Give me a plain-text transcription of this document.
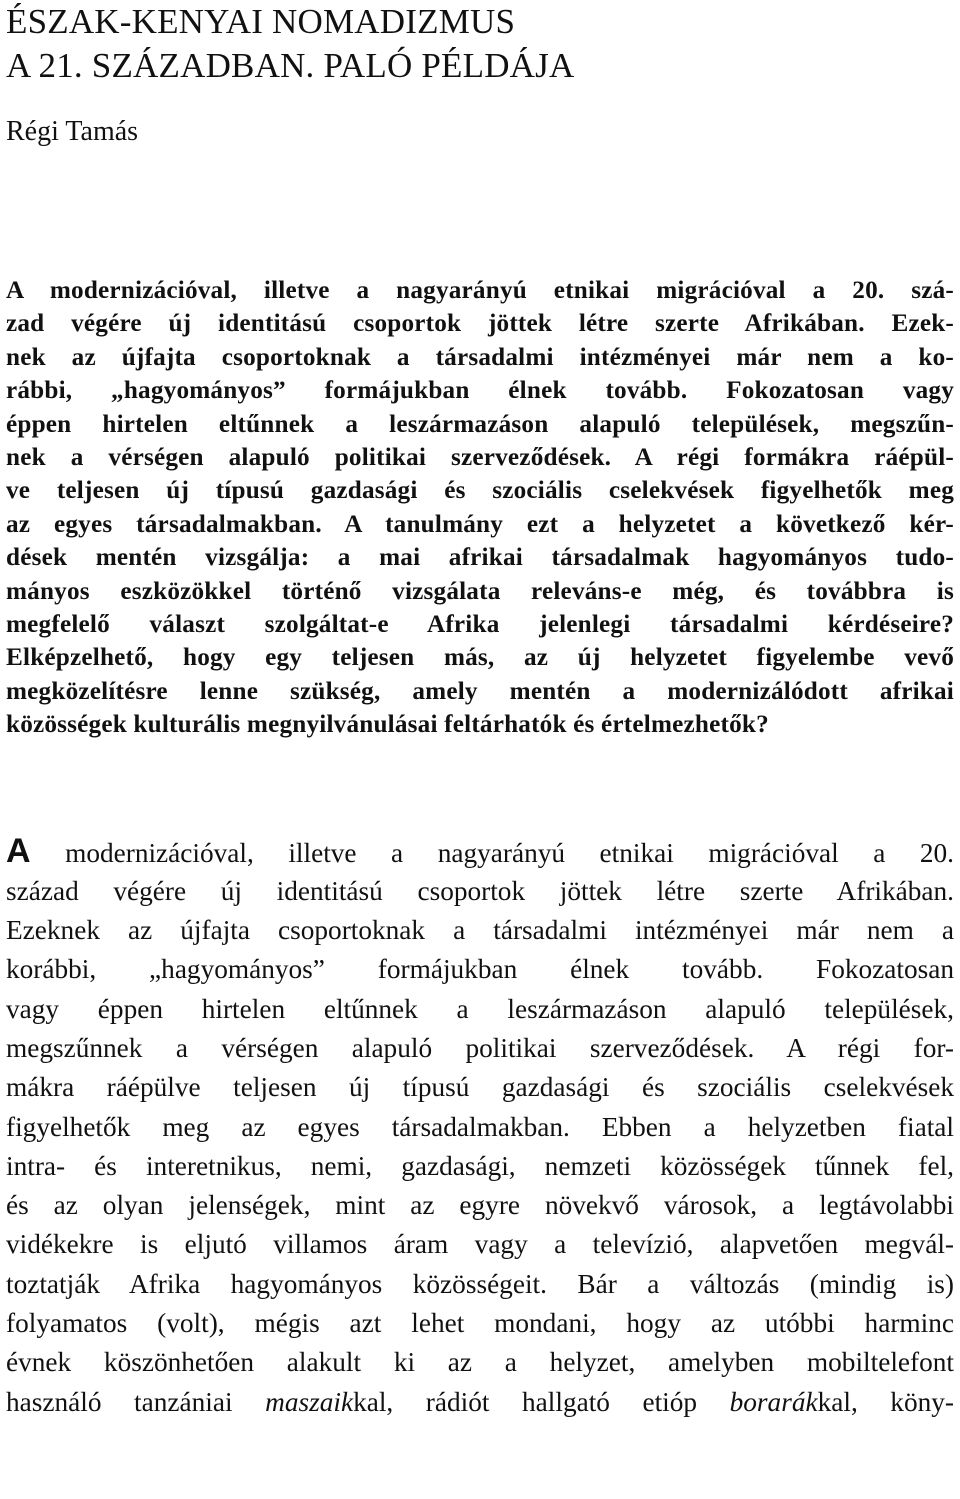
ÉSZAK-KENYAI NOMADIZMUS
A 21. SZÁZADBAN. PALÓ PÉLDÁJA

Régi Tamás

A modernizációval, illetve a nagyarányú etnikai migrációval a 20. szá-
zad végére új identitású csoportok jöttek létre szerte Afrikában. Ezek-
nek az újfajta csoportoknak a társadalmi intézményei már nem a ko-
rábbi, „hagyományos” formájukban élnek tovább. Fokozatosan vagy
éppen hirtelen eltűnnek a leszármazáson alapuló települések, megszűn-
nek a vérségen alapuló politikai szerveződések. A régi formákra ráépül-
ve teljesen új típusú gazdasági és szociális cselekvések figyelhetők meg
az egyes társadalmakban. A tanulmány ezt a helyzetet a következő kér-
dések mentén vizsgálja: a mai afrikai társadalmak hagyományos tudo-
mányos eszközökkel történő vizsgálata releváns-e még, és továbbra is
megfelelő választ szolgáltat-e Afrika jelenlegi társadalmi kérdéseire?
Elképzelhető, hogy egy teljesen más, az új helyzetet figyelembe vevő
megközelítésre lenne szükség, amely mentén a modernizálódott afrikai
közösségek kulturális megnyilvánulásai feltárhatók és értelmezhetők?
A modernizációval, illetve a nagyarányú etnikai migrációval a 20.
század végére új identitású csoportok jöttek létre szerte Afrikában.
Ezeknek az újfajta csoportoknak a társadalmi intézményei már nem a
korábbi, „hagyományos” formájukban élnek tovább. Fokozatosan
vagy éppen hirtelen eltűnnek a leszármazáson alapuló települések,
megszűnnek a vérségen alapuló politikai szerveződések. A régi for-
mákra ráépülve teljesen új típusú gazdasági és szociális cselekvések
figyelhetők meg az egyes társadalmakban. Ebben a helyzetben fiatal
intra- és interetnikus, nemi, gazdasági, nemzeti közösségek tűnnek fel,
és az olyan jelenségek, mint az egyre növekvő városok, a legtávolabbi
vidékekre is eljutó villamos áram vagy a televízió, alapvetően megvál-
toztatják Afrika hagyományos közösségeit. Bár a változás (mindig is)
folyamatos (volt), mégis azt lehet mondani, hogy az utóbbi harminc
évnek köszönhetően alakult ki az a helyzet, amelyben mobiltelefont
használó tanzániai maszaikkal, rádiót hallgató etióp borarákkal, köny-
